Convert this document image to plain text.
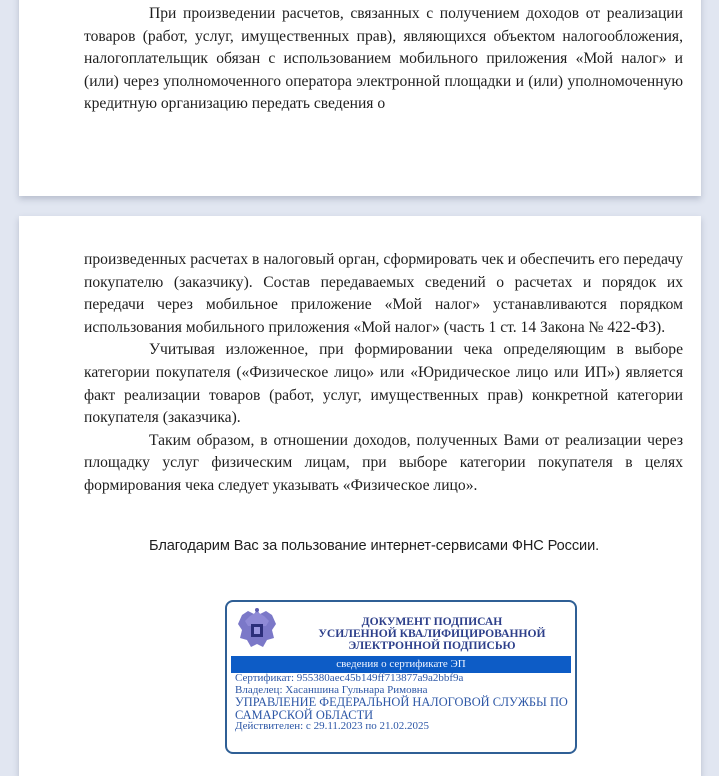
При произведении расчетов, связанных с получением доходов от реализации товаров (работ, услуг, имущественных прав), являющихся объектом налогообложения, налогоплательщик обязан с использованием мобильного приложения «Мой налог» и (или) через уполномоченного оператора электронной площадки и (или) уполномоченную кредитную организацию передать сведения о

произведенных расчетах в налоговый орган, сформировать чек и обеспечить его передачу покупателю (заказчику). Состав передаваемых сведений о расчетах и порядок их передачи через мобильное приложение «Мой налог» устанавливаются порядком использования мобильного приложения «Мой налог» (часть 1 ст. 14 Закона № 422-ФЗ).

Учитывая изложенное, при формировании чека определяющим в выборе категории покупателя («Физическое лицо» или «Юридическое лицо или ИП») является факт реализации товаров (работ, услуг, имущественных прав) конкретной категории покупателя (заказчика).

Таким образом, в отношении доходов, полученных Вами от реализации через площадку услуг физическим лицам, при выборе категории покупателя в целях формирования чека следует указывать «Физическое лицо».

Благодарим Вас за пользование интернет-сервисами ФНС России.
ДОКУМЕНТ ПОДПИСАН
УСИЛЕННОЙ КВАЛИФИЦИРОВАННОЙ
ЭЛЕКТРОННОЙ ПОДПИСЬЮ
сведения о сертификате ЭП
Сертификат: 955380aec45b149ff713877a9a2bbf9a
Владелец: Хасаншина Гульнара Римовна
УПРАВЛЕНИЕ ФЕДЕРАЛЬНОЙ НАЛОГОВОЙ СЛУЖБЫ ПО
САМАРСКОЙ ОБЛАСТИ
Действителен: с 29.11.2023 по 21.02.2025
